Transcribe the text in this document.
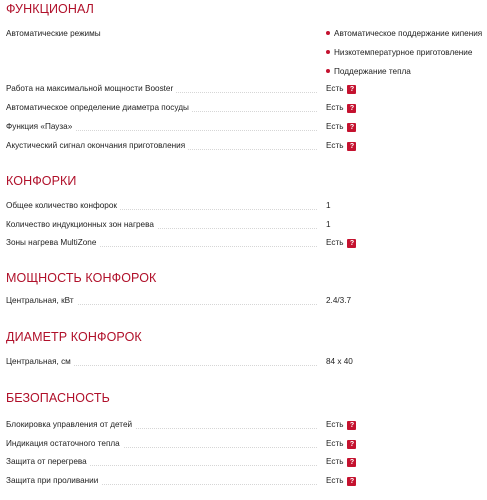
ФУНКЦИОНАЛ
Автоматические режимы	Автоматическое поддержание кипения
Низкотемпературное приготовление
Поддержание тепла
Работа на максимальной мощности Booster	Есть ?
Автоматическое определение диаметра посуды	Есть ?
Функция «Пауза»	Есть ?
Акустический сигнал окончания приготовления	Есть ?
КОНФОРКИ
Общее количество конфорок	1
Количество индукционных зон нагрева	1
Зоны нагрева MultiZone	Есть ?
МОЩНОСТЬ КОНФОРОК
Центральная, кВт	2.4/3.7
ДИАМЕТР КОНФОРОК
Центральная, см	84 x 40
БЕЗОПАСНОСТЬ
Блокировка управления от детей	Есть ?
Индикация остаточного тепла	Есть ?
Защита от перегрева	Есть ?
Защита при проливании	Есть ?
